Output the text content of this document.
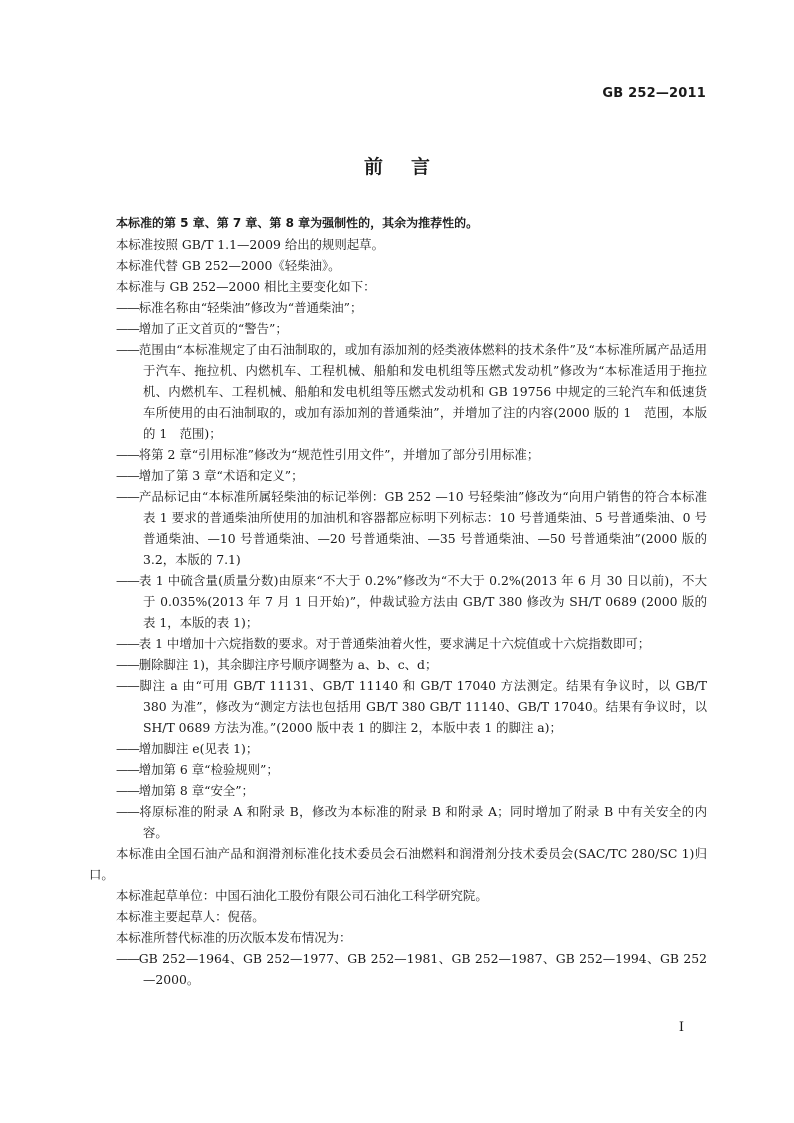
GB 252—2011
前言

本标准的第 5 章、第 7 章、第 8 章为强制性的，其余为推荐性的。

本标准按照 GB/T 1.1—2009 给出的规则起草。

本标准代替 GB 252—2000《轻柴油》。

本标准与 GB 252—2000 相比主要变化如下：

——标准名称由“轻柴油”修改为“普通柴油”；

——增加了正文首页的“警告”；

——范围由“本标准规定了由石油制取的，或加有添加剂的烃类液体燃料的技术条件”及“本标准所属产品适用于汽车、拖拉机、内燃机车、工程机械、船舶和发电机组等压燃式发动机”修改为“本标准适用于拖拉机、内燃机车、工程机械、船舶和发电机组等压燃式发动机和 GB 19756 中规定的三轮汽车和低速货车所使用的由石油制取的，或加有添加剂的普通柴油”，并增加了注的内容(2000 版的 1　范围，本版的 1　范围)；

——将第 2 章“引用标准”修改为“规范性引用文件”，并增加了部分引用标准；

——增加了第 3 章“术语和定义”；

——产品标记由“本标准所属轻柴油的标记举例：GB 252 —10 号轻柴油”修改为“向用户销售的符合本标准表 1 要求的普通柴油所使用的加油机和容器都应标明下列标志：10 号普通柴油、5 号普通柴油、0 号普通柴油、—10 号普通柴油、—20 号普通柴油、—35 号普通柴油、—50 号普通柴油”(2000 版的 3.2，本版的 7.1)

——表 1 中硫含量(质量分数)由原来“不大于 0.2%”修改为“不大于 0.2%(2013 年 6 月 30 日以前)，不大于 0.035%(2013 年 7 月 1 日开始)”，仲裁试验方法由 GB/T 380 修改为 SH/T 0689 (2000 版的表 1，本版的表 1)；

——表 1 中增加十六烷指数的要求。对于普通柴油着火性，要求满足十六烷值或十六烷指数即可；

——删除脚注 1)，其余脚注序号顺序调整为 a、b、c、d；

——脚注 a 由“可用 GB/T 11131、GB/T 11140 和 GB/T 17040 方法测定。结果有争议时，以 GB/T 380 为准”，修改为“测定方法也包括用 GB/T 380 GB/T 11140、GB/T 17040。结果有争议时，以 SH/T 0689 方法为准。”(2000 版中表 1 的脚注 2，本版中表 1 的脚注 a)；

——增加脚注 e(见表 1)；

——增加第 6 章“检验规则”；

——增加第 8 章“安全”；

——将原标准的附录 A 和附录 B，修改为本标准的附录 B 和附录 A；同时增加了附录 B 中有关安全的内容。

本标准由全国石油产品和润滑剂标准化技术委员会石油燃料和润滑剂分技术委员会(SAC/TC 280/SC 1)归口。

本标准起草单位：中国石油化工股份有限公司石油化工科学研究院。

本标准主要起草人：倪蓓。

本标准所替代标准的历次版本发布情况为：

——GB 252—1964、GB 252—1977、GB 252—1981、GB 252—1987、GB 252—1994、GB 252—2000。

I
